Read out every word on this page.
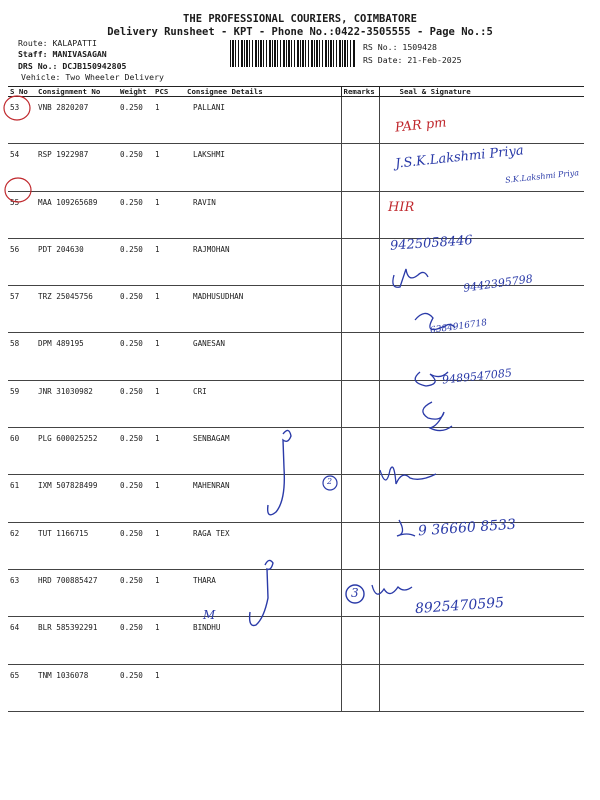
THE PROFESSIONAL COURIERS, COIMBATORE
Delivery Runsheet - KPT - Phone No.:0422-3505555 - Page No.:5
Route: KALAPATTI
Staff: MANIVASAGAN
DRS No.: DCJB150942805
Vehicle: Two Wheeler Delivery
RS No.: 1509428
RS Date: 21-Feb-2025
S No	Consignment No	Weight	PCS	Consignee Details	Remarks	Seal & Signature
53	VNB 2820207	0.250	1	PALLANI		
54	RSP 1922987	0.250	1	LAKSHMI		
55	MAA 109265689	0.250	1	RAVIN		
56	PDT 204630	0.250	1	RAJMOHAN		
57	TRZ 25045756	0.250	1	MADHUSUDHAN		
58	DPM 489195	0.250	1	GANESAN		
59	JNR 31030982	0.250	1	CRI		
60	PLG 600025252	0.250	1	SENBAGAM		
61	IXM 507828499	0.250	1	MAHENRAN		
62	TUT 1166715	0.250	1	RAGA TEX		
63	HRD 700885427	0.250	1	THARA		
64	BLR 585392291	0.250	1	BINDHU		
65	TNM 1036078	0.250	1			
PAR pm
J.S.K.Lakshmi Priya
S.K.Lakshmi Priya
HIR
9425058446
9442395798
6384916718
9489547085
2
9 36660 8533
3
8925470595
M
